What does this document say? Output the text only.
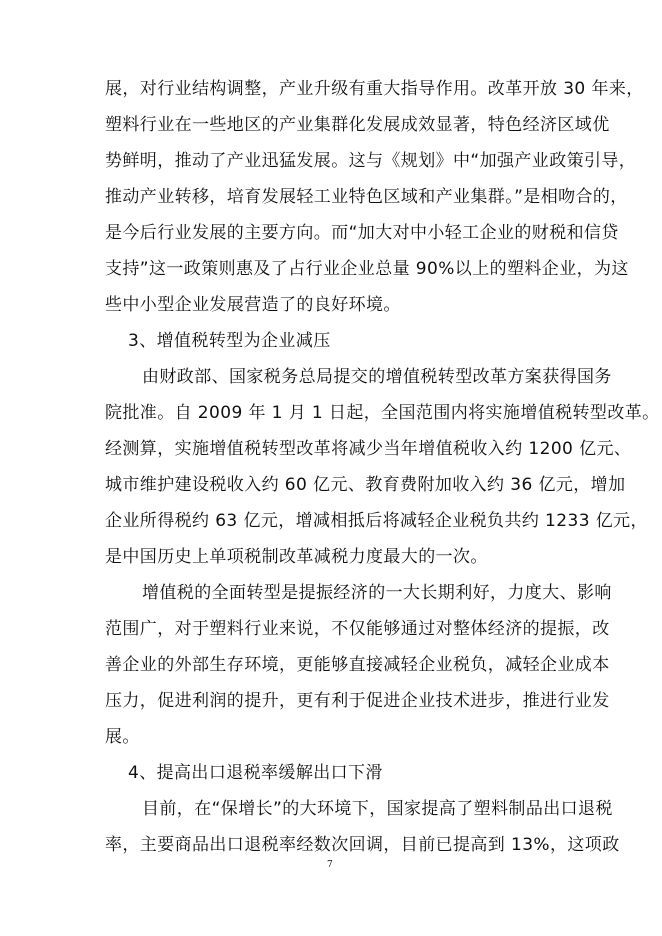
展，对行业结构调整，产业升级有重大指导作用。改革开放 30 年来，
塑料行业在一些地区的产业集群化发展成效显著，特色经济区域优
势鲜明，推动了产业迅猛发展。这与《规划》中“加强产业政策引导，
推动产业转移，培育发展轻工业特色区域和产业集群。”是相吻合的，
是今后行业发展的主要方向。而“加大对中小轻工企业的财税和信贷
支持”这一政策则惠及了占行业企业总量 90%以上的塑料企业，为这
些中小型企业发展营造了的良好环境。
3、增值税转型为企业减压
由财政部、国家税务总局提交的增值税转型改革方案获得国务
院批准。自 2009 年 1 月 1 日起，全国范围内将实施增值税转型改革。
经测算，实施增值税转型改革将减少当年增值税收入约 1200 亿元、
城市维护建设税收入约 60 亿元、教育费附加收入约 36 亿元，增加
企业所得税约 63 亿元，增减相抵后将减轻企业税负共约 1233 亿元，
是中国历史上单项税制改革减税力度最大的一次。
增值税的全面转型是提振经济的一大长期利好，力度大、影响
范围广，对于塑料行业来说，不仅能够通过对整体经济的提振，改
善企业的外部生存环境，更能够直接减轻企业税负，减轻企业成本
压力，促进利润的提升，更有利于促进企业技术进步，推进行业发
展。
4、提高出口退税率缓解出口下滑
目前，在“保增长”的大环境下，国家提高了塑料制品出口退税
率，主要商品出口退税率经数次回调，目前已提高到 13%，这项政
7
